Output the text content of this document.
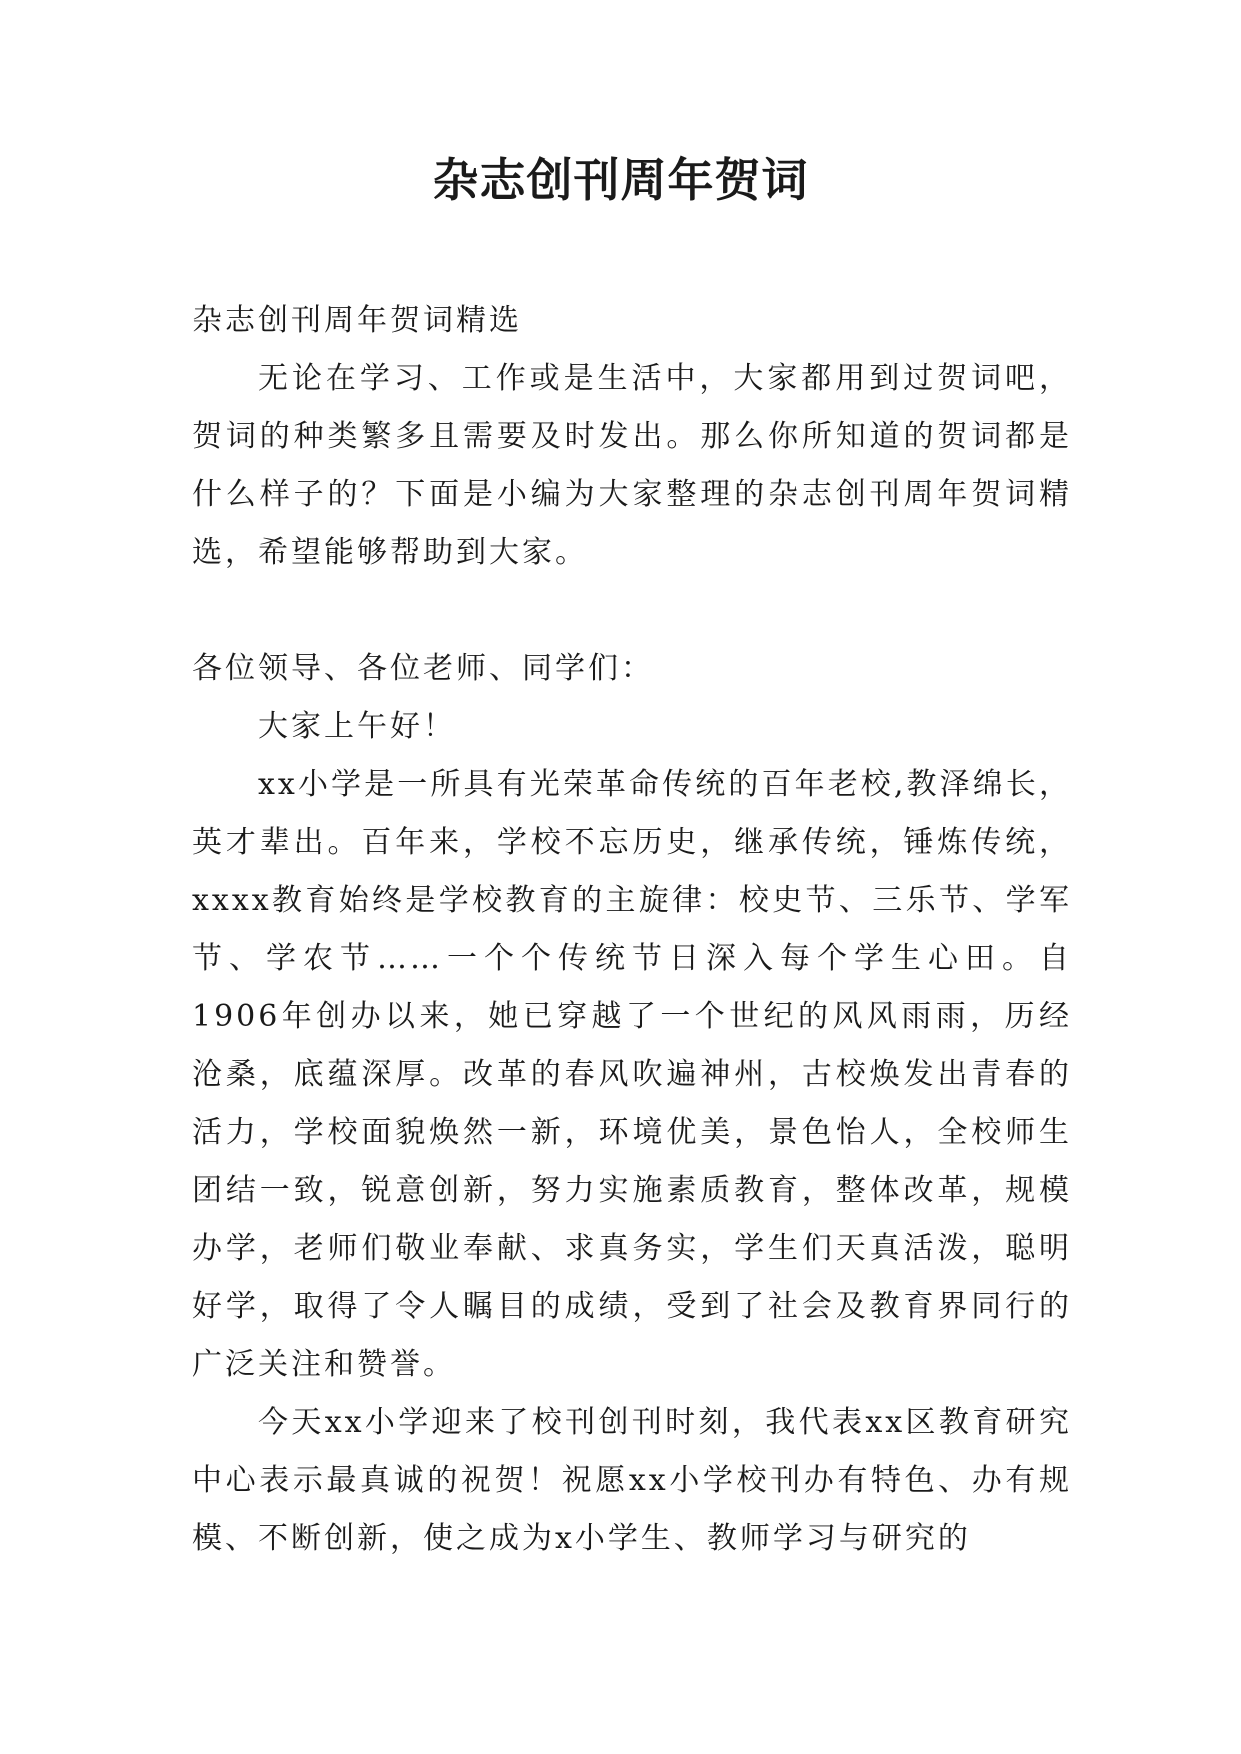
杂志创刊周年贺词

杂志创刊周年贺词精选

无论在学习、工作或是生活中，大家都用到过贺词吧，贺词的种类繁多且需要及时发出。那么你所知道的贺词都是什么样子的？下面是小编为大家整理的杂志创刊周年贺词精选，希望能够帮助到大家。

各位领导、各位老师、同学们：

大家上午好！

xx小学是一所具有光荣革命传统的百年老校,教泽绵长，英才辈出。百年来，学校不忘历史，继承传统，锤炼传统，xxxx教育始终是学校教育的主旋律：校史节、三乐节、学军节、学农节……一个个传统节日深入每个学生心田。自1906年创办以来，她已穿越了一个世纪的风风雨雨，历经沧桑，底蕴深厚。改革的春风吹遍神州，古校焕发出青春的活力，学校面貌焕然一新，环境优美，景色怡人，全校师生团结一致，锐意创新，努力实施素质教育，整体改革，规模办学，老师们敬业奉献、求真务实，学生们天真活泼，聪明好学，取得了令人瞩目的成绩，受到了社会及教育界同行的广泛关注和赞誉。

今天xx小学迎来了校刊创刊时刻，我代表xx区教育研究中心表示最真诚的祝贺！祝愿xx小学校刊办有特色、办有规模、不断创新，使之成为x小学生、教师学习与研究的
